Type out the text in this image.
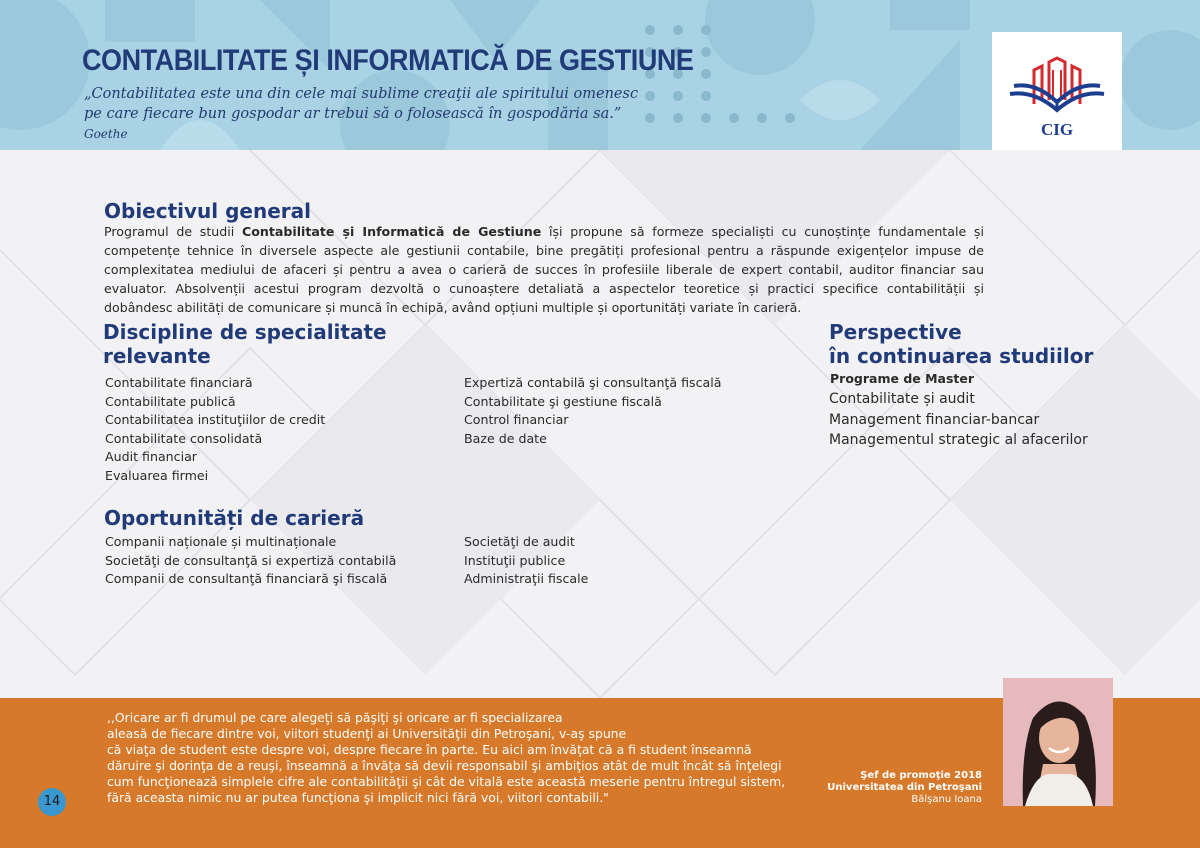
CONTABILITATE ȘI INFORMATICĂ DE GESTIUNE
„Contabilitatea este una din cele mai sublime creaţii ale spiritului omenesc
pe care fiecare bun gospodar ar trebui să o folosească în gospodăria sa.”
Goethe	CIG
Obiectivul general

Programul de studii Contabilitate și Informatică de Gestiune își propune să formeze specialiști cu cunoștințe fundamentale și competențe tehnice în diversele aspecte ale gestiunii contabile, bine pregătiți profesional pentru a răspunde exigențelor impuse de complexitatea mediului de afaceri și pentru a avea o carieră de succes în profesiile liberale de expert contabil, auditor financiar sau evaluator. Absolvenții acestui program dezvoltă o cunoaștere detaliată a aspectelor teoretice și practici specifice contabilității și dobândesc abilități de comunicare și muncă în echipă, având opțiuni multiple și oportunități variate în carieră.

Discipline de specialitate
relevante
Contabilitate financiară
Contabilitate publică
Contabilitatea instituţiilor de credit
Contabilitate consolidată
Audit financiar
Evaluarea firmei
Expertiză contabilă şi consultanţă fiscală
Contabilitate şi gestiune fiscală
Control financiar
Baze de date
Perspective
în continuarea studiilor
Programe de Master
Contabilitate și audit
Management financiar-bancar
Managementul strategic al afacerilor
Oportunități de carieră
Companii naționale și multinaționale
Societăţi de consultanţă si expertiză contabilă
Companii de consultanţă financiară şi fiscală
Societăţi de audit
Instituţii publice
Administraţii fiscale
,,Oricare ar fi drumul pe care alegeţi să păşiţi şi oricare ar fi specializarea
aleasă de fiecare dintre voi, viitori studenţi ai Universităţii din Petroşani, v-aş spune
că viaţa de student este despre voi, despre fiecare în parte. Eu aici am învăţat că a fi student înseamnă
dăruire şi dorinţa de a reuşi, înseamnă a învăţa să devii responsabil şi ambiţios atât de mult încât să înţelegi
cum funcţionează simplele cifre ale contabilităţii şi cât de vitală este această meserie pentru întregul sistem,
fără aceasta nimic nu ar putea funcţiona şi implicit nici fără voi, viitori contabili."
14
Şef de promoţie 2018
Universitatea din Petroşani
Bălşanu Ioana
